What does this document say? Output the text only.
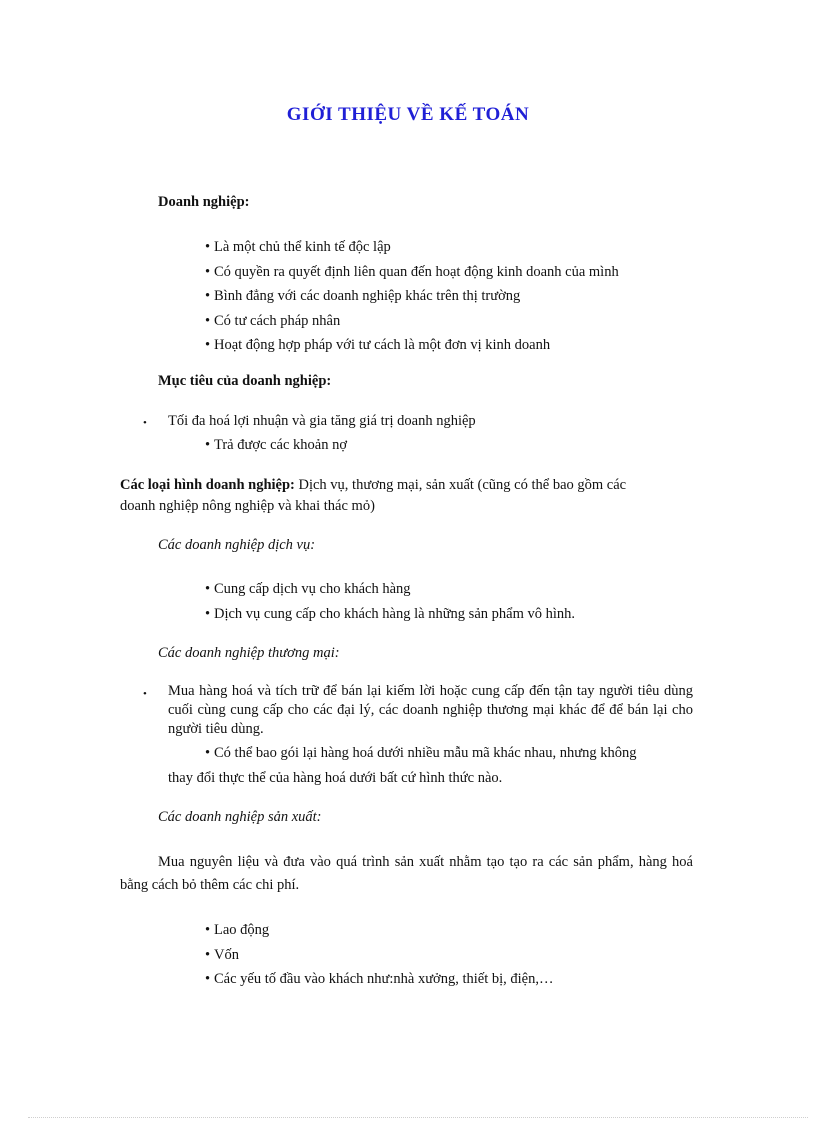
GIỚI THIỆU VỀ KẾ TOÁN
Doanh nghiệp:
• Là một chủ thể kinh tế độc lập
• Có quyền ra quyết định liên quan đến hoạt động kinh doanh của mình
• Bình đẳng với các doanh nghiệp khác trên thị trường
• Có tư cách pháp nhân
• Hoạt động hợp pháp với tư cách là một đơn vị kinh doanh
Mục tiêu của doanh nghiệp:
• Tối đa hoá lợi nhuận và gia tăng giá trị doanh nghiệp
• Trả được các khoản nợ
Các loại hình doanh nghiệp: Dịch vụ, thương mại, sản xuất (cũng có thể bao gồm các
doanh nghiệp nông nghiệp và khai thác mỏ)
Các doanh nghiệp dịch vụ:
• Cung cấp dịch vụ cho khách hàng
• Dịch vụ cung cấp cho khách hàng là những sản phẩm vô hình.
Các doanh nghiệp thương mại:
• Mua hàng hoá và tích trữ để bán lại kiếm lời hoặc cung cấp đến tận tay người tiêu dùng cuối cùng cung cấp cho các đại lý, các doanh nghiệp thương mại khác để để bán lại cho người tiêu dùng.
• Có thể bao gói lại hàng hoá dưới nhiều mẫu mã khác nhau, nhưng không
thay đổi thực thể của hàng hoá dưới bất cứ hình thức nào.
Các doanh nghiệp sản xuất:
Mua nguyên liệu và đưa vào quá trình sản xuất nhằm tạo tạo ra các sản phẩm, hàng hoá bằng cách bỏ thêm các chi phí.
• Lao động
• Vốn
• Các yếu tố đầu vào khách như:nhà xưởng, thiết bị, điện,…
